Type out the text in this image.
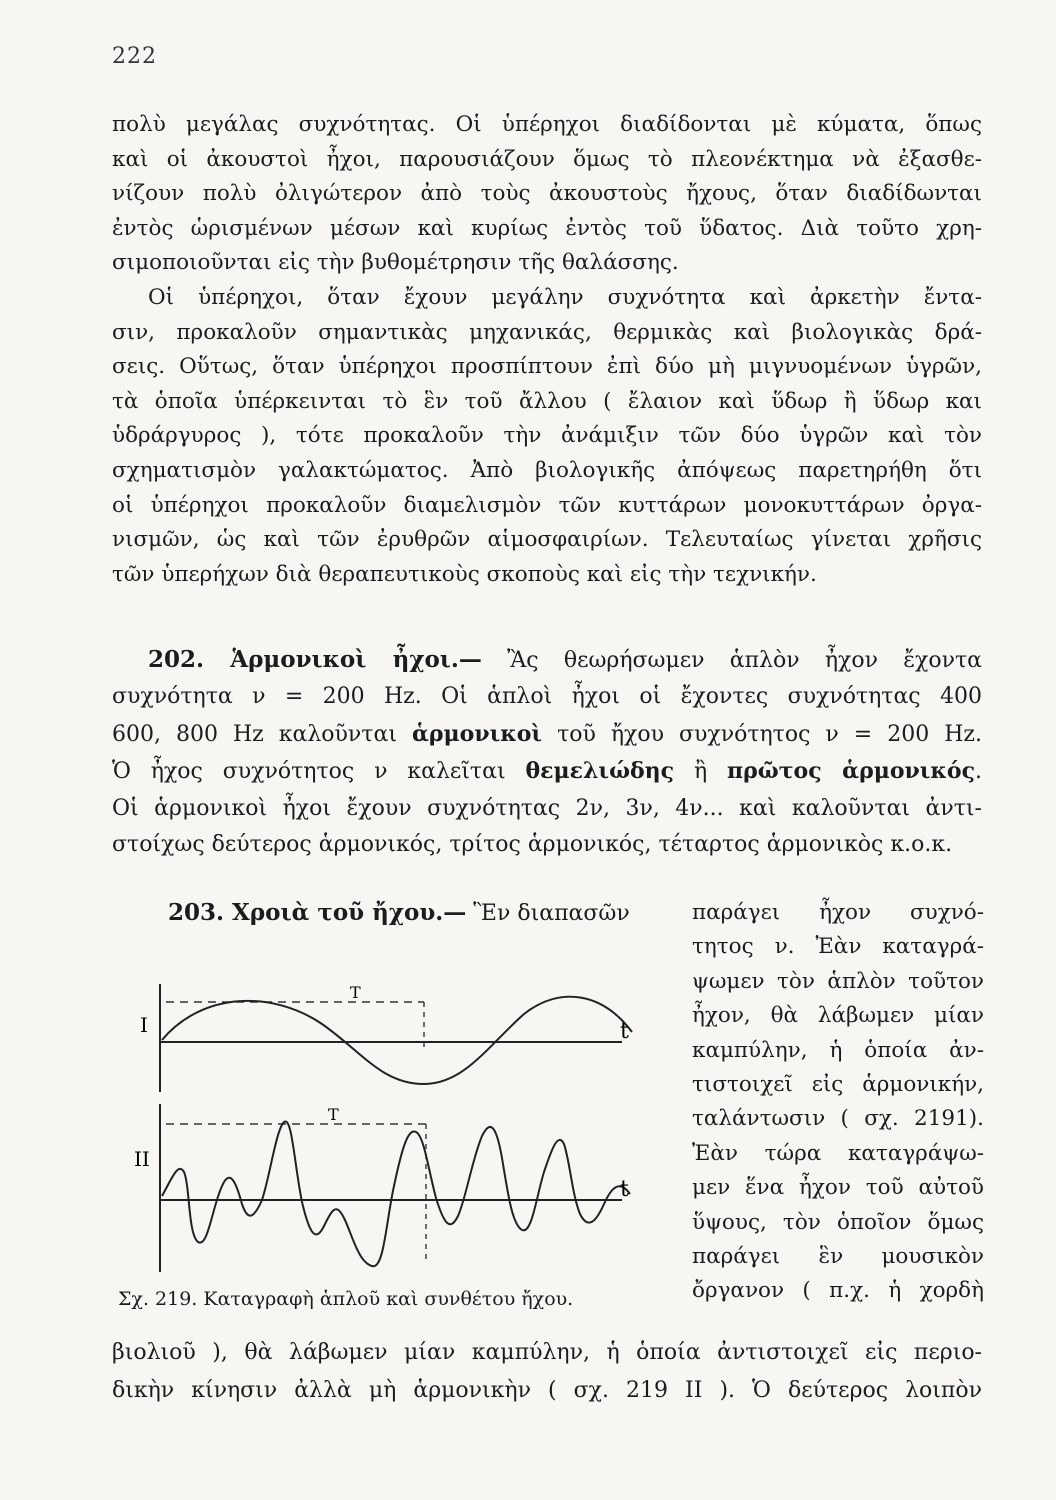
222
πολὺ μεγάλας συχνότητας. Οἱ ὑπέρηχοι διαδίδονται μὲ κύματα, ὅπως
καὶ οἱ ἀκουστοὶ ἦχοι, παρουσιάζουν ὅμως τὸ πλεονέκτημα νὰ ἐξασθε-
νίζουν πολὺ ὀλιγώτερον ἀπὸ τοὺς ἀκουστοὺς ἤχους, ὅταν διαδίδωνται
ἐντὸς ὡρισμένων μέσων καὶ κυρίως ἐντὸς τοῦ ὕδατος. Διὰ τοῦτο χρη-
σιμοποιοῦνται εἰς τὴν βυθομέτρησιν τῆς θαλάσσης.
Οἱ ὑπέρηχοι, ὅταν ἔχουν μεγάλην συχνότητα καὶ ἀρκετὴν ἔντα-
σιν, προκαλοῦν σημαντικὰς μηχανικάς, θερμικὰς καὶ βιολογικὰς δρά-
σεις. Οὕτως, ὅταν ὑπέρηχοι προσπίπτουν ἐπὶ δύο μὴ μιγνυομένων ὑγρῶν,
τὰ ὁποῖα ὑπέρκεινται τὸ ἓν τοῦ ἄλλου ( ἔλαιον καὶ ὕδωρ ἢ ὕδωρ και
ὑδράργυρος ), τότε προκαλοῦν τὴν ἀνάμιξιν τῶν δύο ὑγρῶν καὶ τὸν
σχηματισμὸν γαλακτώματος. Ἀπὸ βιολογικῆς ἀπόψεως παρετηρήθη ὅτι
οἱ ὑπέρηχοι προκαλοῦν διαμελισμὸν τῶν κυττάρων μονοκυττάρων ὀργα-
νισμῶν, ὡς καὶ τῶν ἐρυθρῶν αἱμοσφαιρίων. Τελευταίως γίνεται χρῆσις
τῶν ὑπερήχων διὰ θεραπευτικοὺς σκοποὺς καὶ εἰς τὴν τεχνικήν.
202. Ἁρμονικοὶ ἦχοι.— Ἂς θεωρήσωμεν ἁπλὸν ἦχον ἔχοντα
συχνότητα ν = 200 Hz. Οἱ ἁπλοὶ ἦχοι οἱ ἔχοντες συχνότητας 400
600, 800 Hz καλοῦνται ἁρμονικοὶ τοῦ ἤχου συχνότητος ν = 200 Hz.
Ὁ ἦχος συχνότητος ν καλεῖται θεμελιώδης ἢ πρῶτος ἁρμονικός.
Οἱ ἁρμονικοὶ ἦχοι ἔχουν συχνότητας 2ν, 3ν, 4ν... καὶ καλοῦνται ἀντι-
στοίχως δεύτερος ἁρμονικός, τρίτος ἁρμονικός, τέταρτος ἁρμονικὸς κ.ο.κ.
203. Χροιὰ τοῦ ἤχου.— Ἓν διαπασῶν	παράγει ἦχον συχνό-
τητος ν. Ἐὰν καταγρά-
ψωμεν τὸν ἁπλὸν τοῦτον
ἦχον, θὰ λάβωμεν μίαν
καμπύλην, ἡ ὁποία ἀν-
τιστοιχεῖ εἰς ἁρμονικήν,
ταλάντωσιν ( σχ. 2191).
Ἐὰν τώρα καταγράψω-
μεν ἕνα ἦχον τοῦ αὐτοῦ
ὕψους, τὸν ὁποῖον ὅμως
παράγει ἓν μουσικὸν
ὄργανον ( π.χ. ἡ χορδὴ
I
T
t
II
T
t
Σχ. 219. Καταγραφὴ ἁπλοῦ καὶ συνθέτου ἤχου.
βιολιοῦ ), θὰ λάβωμεν μίαν καμπύλην, ἡ ὁποία ἀντιστοιχεῖ εἰς περιο-
δικὴν κίνησιν ἀλλὰ μὴ ἁρμονικὴν ( σχ. 219 II ). Ὁ δεύτερος λοιπὸν
